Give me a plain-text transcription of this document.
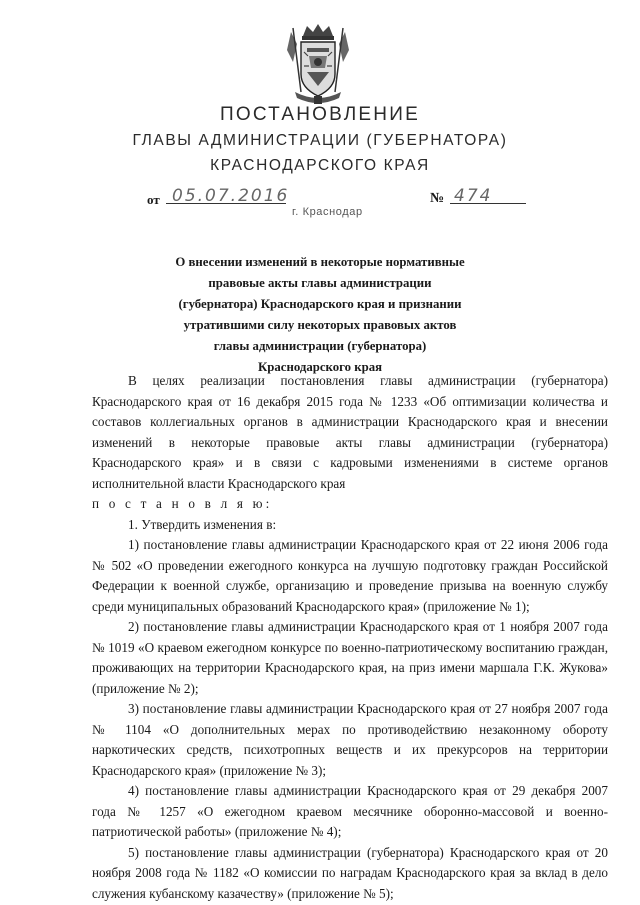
ПОСТАНОВЛЕНИЕ
ГЛАВЫ АДМИНИСТРАЦИИ (ГУБЕРНАТОРА)
КРАСНОДАРСКОГО КРАЯ
от 05.07.2016	№ 474
г. Краснодар
О внесении изменений в некоторые нормативные правовые акты главы администрации (губернатора) Краснодарского края и признании утратившими силу некоторых правовых актов главы администрации (губернатора) Краснодарского края

В целях реализации постановления главы администрации (губернатора) Краснодарского края от 16 декабря 2015 года № 1233 «Об оптимизации количества и составов коллегиальных органов в администрации Краснодарского края и внесении изменений в некоторые правовые акты главы администрации (губернатора) Краснодарского края» и в связи с кадровыми изменениями в системе органов исполнительной власти Краснодарского края

п о с т а н о в л я ю:

1. Утвердить изменения в:

1) постановление главы администрации Краснодарского края от 22 июня 2006 года № 502 «О проведении ежегодного конкурса на лучшую подготовку граждан Российской Федерации к военной службе, организацию и проведение призыва на военную службу среди муниципальных образований Краснодарского края» (приложение № 1);

2) постановление главы администрации Краснодарского края от 1 ноября 2007 года № 1019 «О краевом ежегодном конкурсе по военно-патриотическому воспитанию граждан, проживающих на территории Краснодарского края, на приз имени маршала Г.К. Жукова» (приложение № 2);

3) постановление главы администрации Краснодарского края от 27 ноября 2007 года № 1104 «О дополнительных мерах по противодействию незаконному обороту наркотических средств, психотропных веществ и их прекурсоров на территории Краснодарского края» (приложение № 3);

4) постановление главы администрации Краснодарского края от 29 декабря 2007 года № 1257 «О ежегодном краевом месячнике оборонно-массовой и военно-патриотической работы» (приложение № 4);

5) постановление главы администрации (губернатора) Краснодарского края от 20 ноября 2008 года № 1182 «О комиссии по наградам Краснодарского края за вклад в дело служения кубанскому казачеству» (приложение № 5);
